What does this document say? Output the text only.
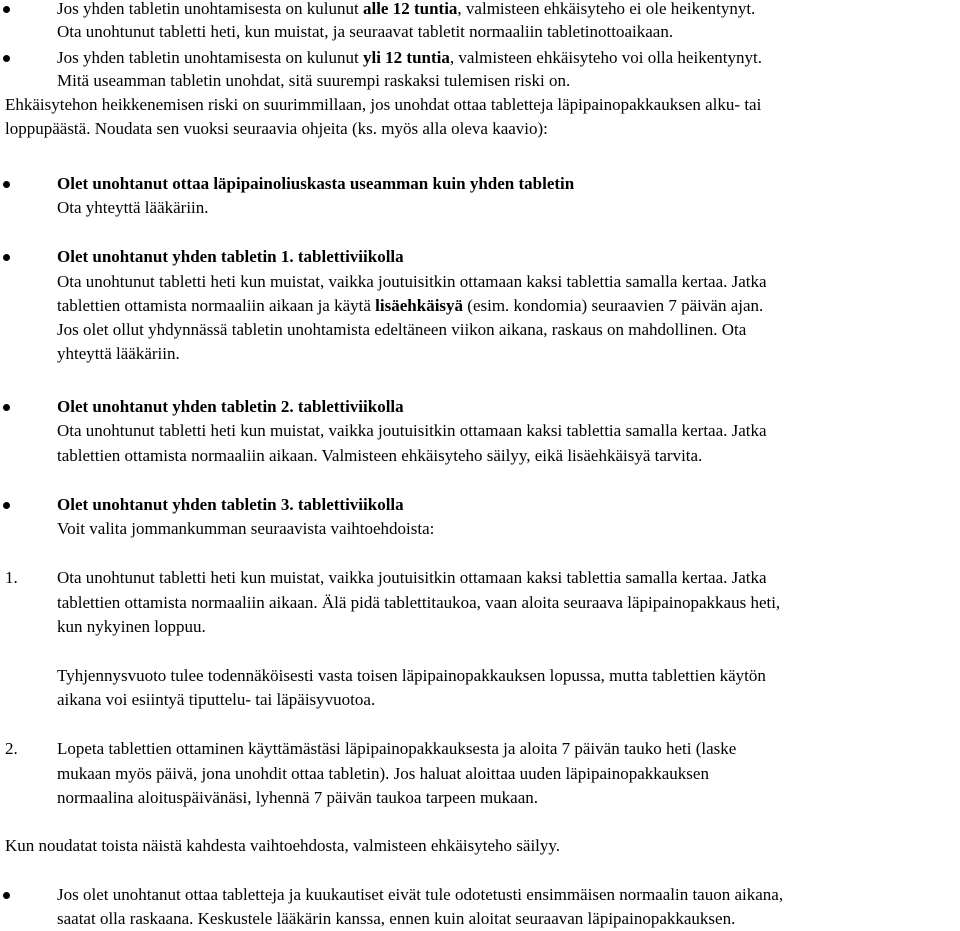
Jos yhden tabletin unohtamisesta on kulunut alle 12 tuntia, valmisteen ehkäisyteho ei ole heikentynyt.
Ota unohtunut tabletti heti, kun muistat, ja seuraavat tabletit normaaliin tabletinottoaikaan.
Jos yhden tabletin unohtamisesta on kulunut yli 12 tuntia, valmisteen ehkäisyteho voi olla heikentynyt.
Mitä useamman tabletin unohdat, sitä suurempi raskaksi tulemisen riski on.
Ehkäisytehon heikkenemisen riski on suurimmillaan, jos unohdat ottaa tabletteja läpipainopakkauksen alku- tai
loppupäästä. Noudata sen vuoksi seuraavia ohjeita (ks. myös alla oleva kaavio):
Olet unohtanut ottaa läpipainoliuskasta useamman kuin yhden tabletin
Ota yhteyttä lääkäriin.
Olet unohtanut yhden tabletin 1. tablettiviikolla
Ota unohtunut tabletti heti kun muistat, vaikka joutuisitkin ottamaan kaksi tablettia samalla kertaa. Jatka
tablettien ottamista normaaliin aikaan ja käytä lisäehkäisyä (esim. kondomia) seuraavien 7 päivän ajan.
Jos olet ollut yhdynnässä tabletin unohtamista edeltäneen viikon aikana, raskaus on mahdollinen. Ota
yhteyttä lääkäriin.
Olet unohtanut yhden tabletin 2. tablettiviikolla
Ota unohtunut tabletti heti kun muistat, vaikka joutuisitkin ottamaan kaksi tablettia samalla kertaa. Jatka
tablettien ottamista normaaliin aikaan. Valmisteen ehkäisyteho säilyy, eikä lisäehkäisyä tarvita.
Olet unohtanut yhden tabletin 3. tablettiviikolla
Voit valita jommankumman seuraavista vaihtoehdoista:
1. Ota unohtunut tabletti heti kun muistat, vaikka joutuisitkin ottamaan kaksi tablettia samalla kertaa. Jatka
tablettien ottamista normaaliin aikaan. Älä pidä tablettitaukoa, vaan aloita seuraava läpipainopakkaus heti,
kun nykyinen loppuu.
Tyhjennysvuoto tulee todennäköisesti vasta toisen läpipainopakkauksen lopussa, mutta tablettien käytön
aikana voi esiintyä tiputtelu- tai läpäisyvuotoa.
2. Lopeta tablettien ottaminen käyttämästäsi läpipainopakkauksesta ja aloita 7 päivän tauko heti (laske
mukaan myös päivä, jona unohdit ottaa tabletin). Jos haluat aloittaa uuden läpipainopakkauksen
normaalina aloituspäivänäsi, lyhennä 7 päivän taukoa tarpeen mukaan.
Kun noudatat toista näistä kahdesta vaihtoehdosta, valmisteen ehkäisyteho säilyy.
Jos olet unohtanut ottaa tabletteja ja kuukautiset eivät tule odotetusti ensimmäisen normaalin tauon aikana,
saatat olla raskaana. Keskustele lääkärin kanssa, ennen kuin aloitat seuraavan läpipainopakkauksen.
